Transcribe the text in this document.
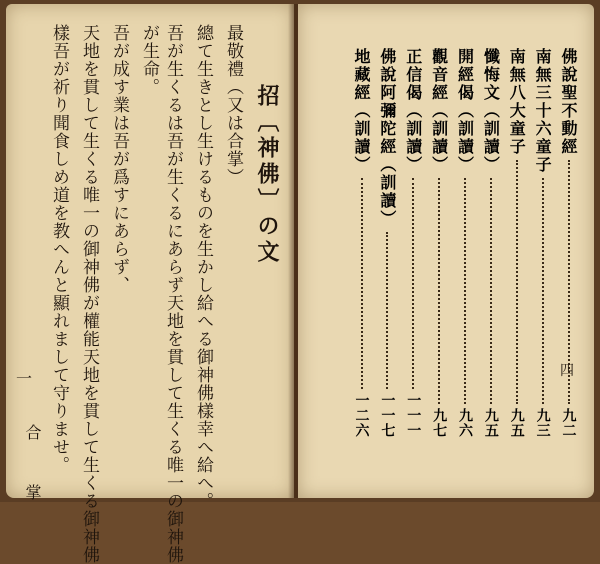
最敬禮（又は合掌）
總て生きとし生けるものを生かし給へる御神佛樣幸へ給へ。
吾が生くるは吾が生くるにあらず天地を貫して生くる唯一の御神佛
が生命。
吾が成す業は吾が爲すにあらず、
天地を貫して生くる唯一の御神佛が權能天地を貫して生くる御神佛
樣吾が祈り聞食しめ道を教へんと顯れまして守りませ。	招〔神佛〕の文
一
合　掌
佛說聖不動經
九二
南無三十六童子
九三
南無八大童子
九五
懺悔文（訓讀）
九五
開經偈（訓讀）
九六
觀音經（訓讀）
九七
正信偈（訓讀）
一一一
佛說阿彌陀經（訓讀）
一一七
地藏經（訓讀）
一二六
四
